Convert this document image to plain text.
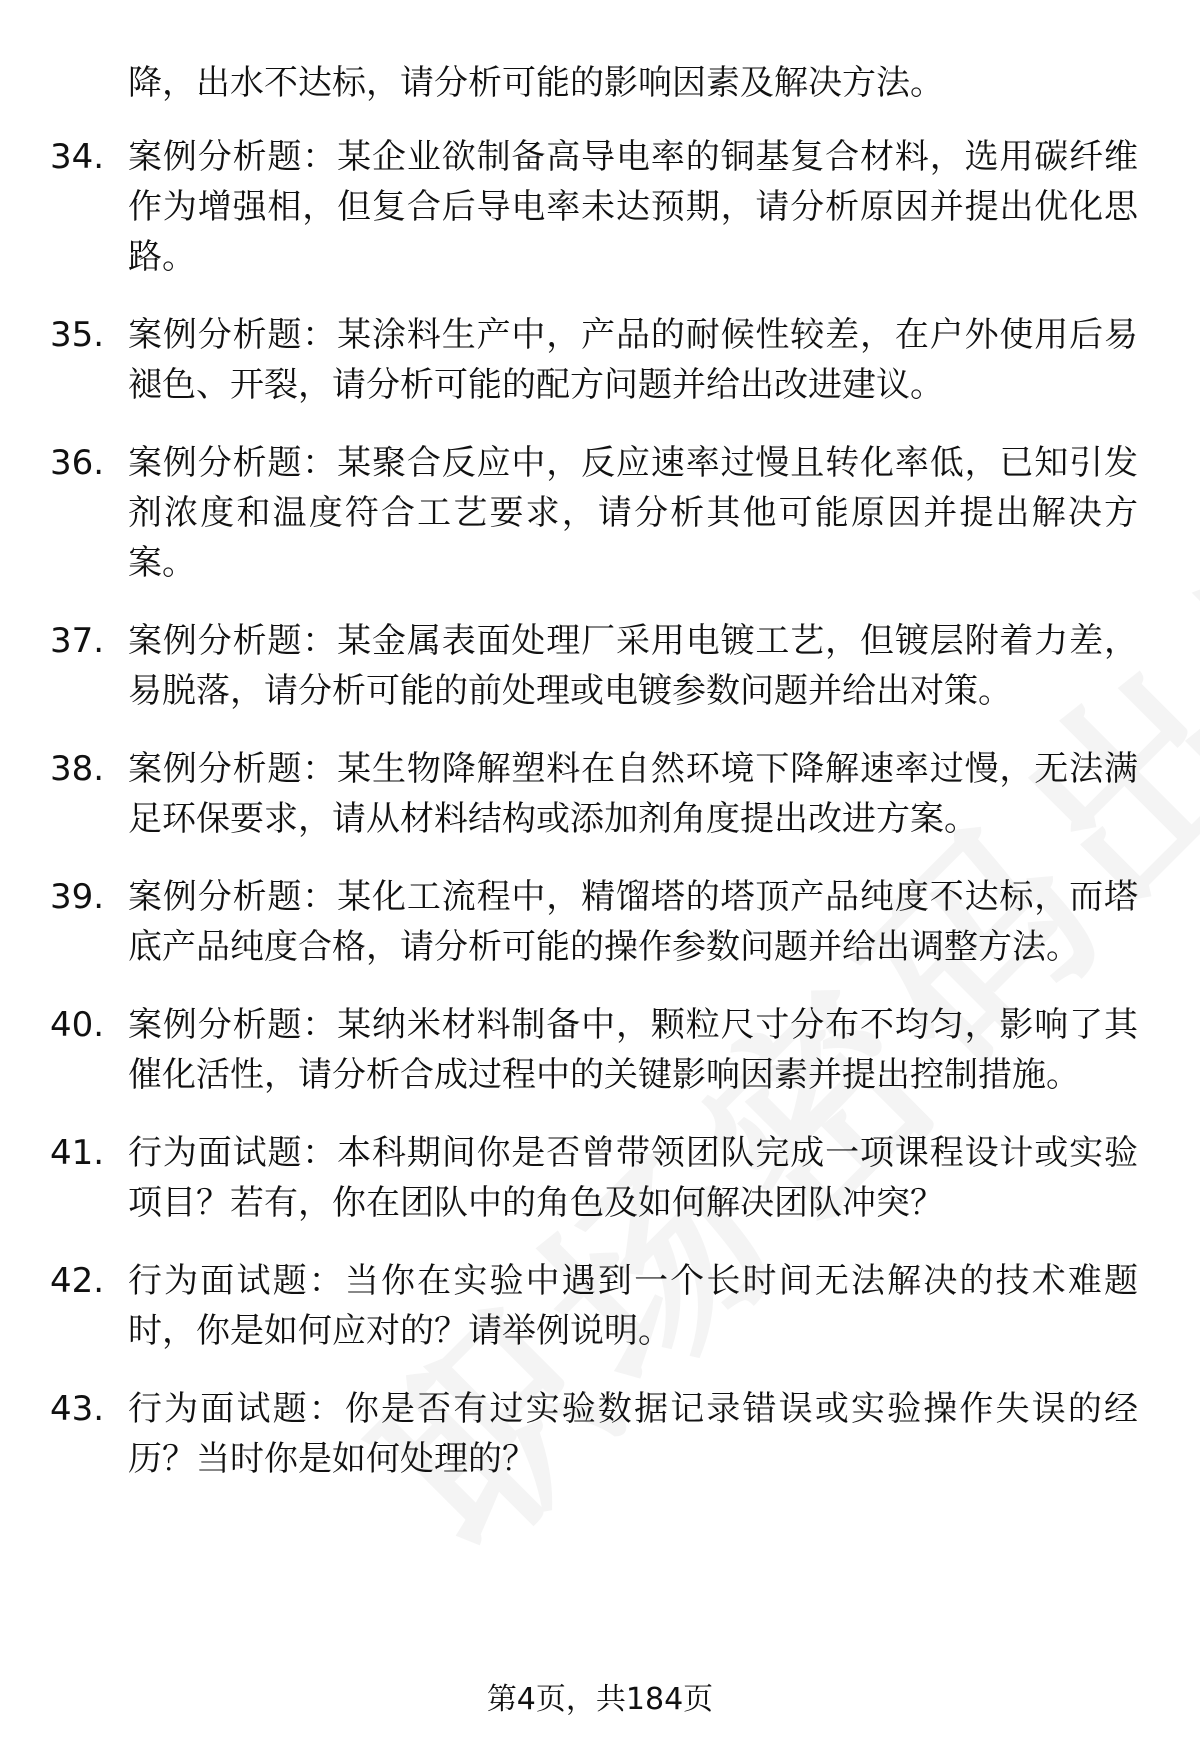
降，出水不达标，请分析可能的影响因素及解决方法。

34. 案例分析题：某企业欲制备高导电率的铜基复合材料，选用碳纤维作为增强相，但复合后导电率未达预期，请分析原因并提出优化思路。
35. 案例分析题：某涂料生产中，产品的耐候性较差，在户外使用后易褪色、开裂，请分析可能的配方问题并给出改进建议。
36. 案例分析题：某聚合反应中，反应速率过慢且转化率低，已知引发剂浓度和温度符合工艺要求，请分析其他可能原因并提出解决方案。
37. 案例分析题：某金属表面处理厂采用电镀工艺，但镀层附着力差，易脱落，请分析可能的前处理或电镀参数问题并给出对策。
38. 案例分析题：某生物降解塑料在自然环境下降解速率过慢，无法满足环保要求，请从材料结构或添加剂角度提出改进方案。
39. 案例分析题：某化工流程中，精馏塔的塔顶产品纯度不达标，而塔底产品纯度合格，请分析可能的操作参数问题并给出调整方法。
40. 案例分析题：某纳米材料制备中，颗粒尺寸分布不均匀，影响了其催化活性，请分析合成过程中的关键影响因素并提出控制措施。
41. 行为面试题：本科期间你是否曾带领团队完成一项课程设计或实验项目？若有，你在团队中的角色及如何解决团队冲突？
42. 行为面试题：当你在实验中遇到一个长时间无法解决的技术难题时，你是如何应对的？请举例说明。
43. 行为面试题：你是否有过实验数据记录错误或实验操作失误的经历？当时你是如何处理的？
第4页，共184页
